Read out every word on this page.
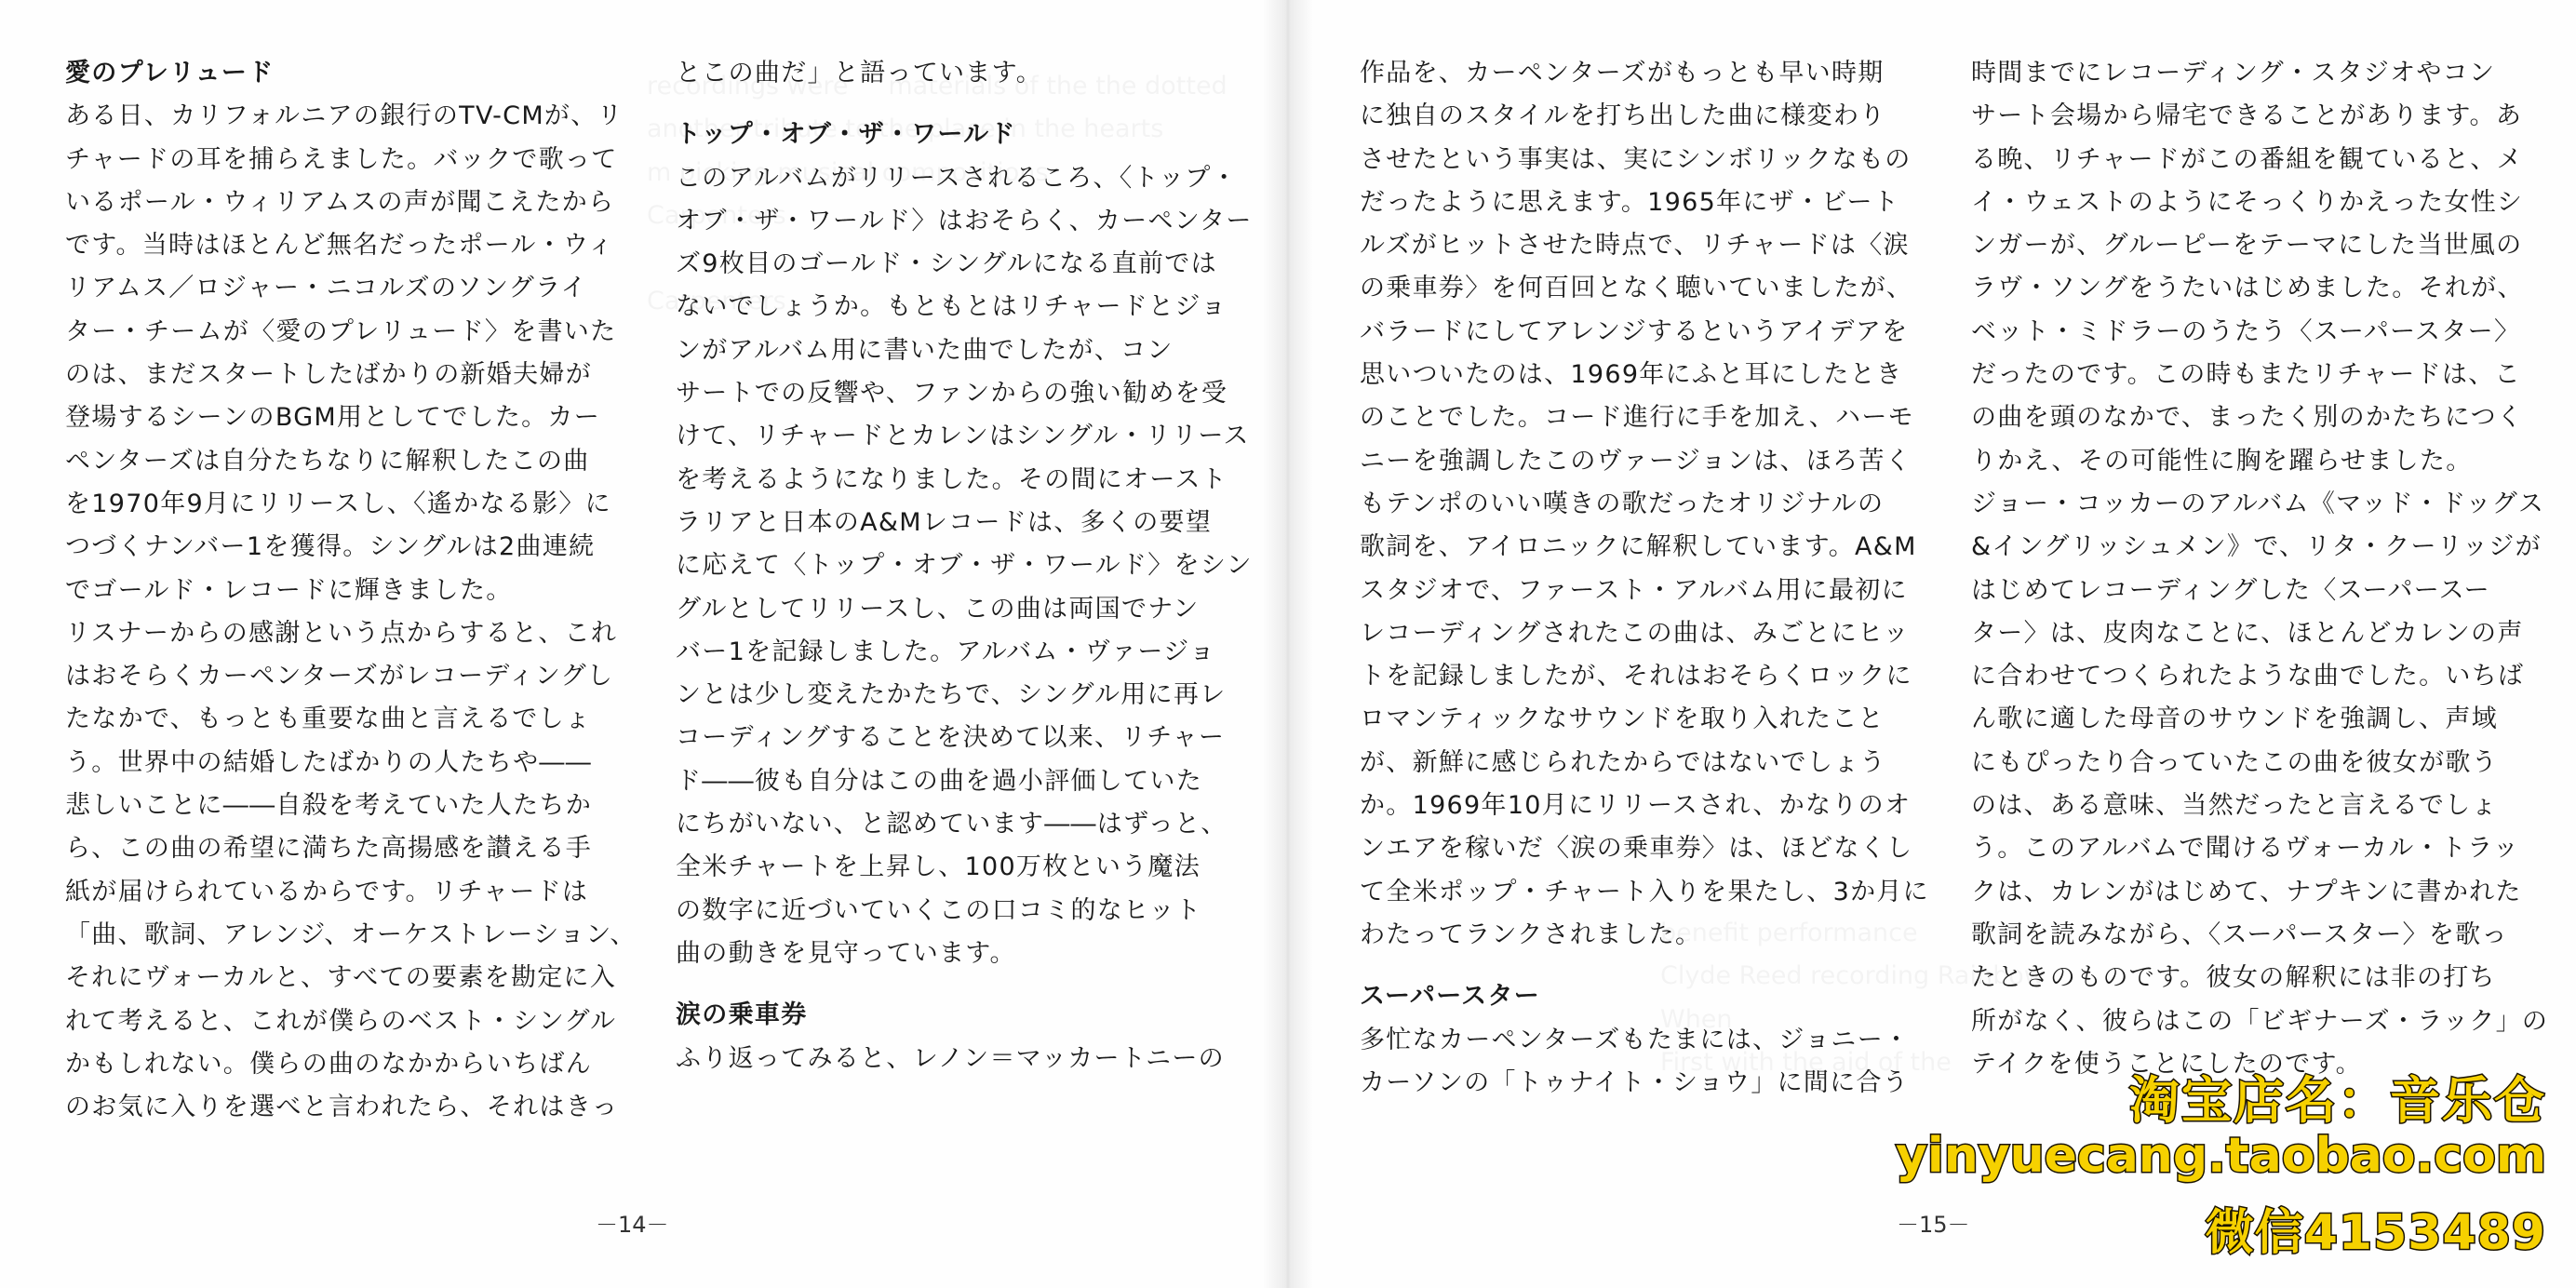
愛のプレリュード

ある日、カリフォルニアの銀行のTV-CMが、リ

チャードの耳を捕らえました。バックで歌って

いるポール・ウィリアムスの声が聞こえたから

です。当時はほとんど無名だったポール・ウィ

リアムス／ロジャー・ニコルズのソングライ

ター・チームが〈愛のプレリュード〉を書いた

のは、まだスタートしたばかりの新婚夫婦が

登場するシーンのBGM用としてでした。カー

ペンターズは自分たちなりに解釈したこの曲

を1970年9月にリリースし、〈遙かなる影〉に

つづくナンバー1を獲得。シングルは2曲連続

でゴールド・レコードに輝きました。

リスナーからの感謝という点からすると、これ

はおそらくカーペンターズがレコーディングし

たなかで、もっとも重要な曲と言えるでしょ

う。世界中の結婚したばかりの人たちや――

悲しいことに――自殺を考えていた人たちか

ら、この曲の希望に満ちた高揚感を讃える手

紙が届けられているからです。リチャードは

「曲、歌詞、アレンジ、オーケストレーション、

それにヴォーカルと、すべての要素を勘定に入

れて考えると、これが僕らのベスト・シングル

かもしれない。僕らの曲のなかからいちばん

のお気に入りを選べと言われたら、それはきっ

とこの曲だ」と語っています。

トップ・オブ・ザ・ワールド

このアルバムがリリースされるころ、〈トップ・

オブ・ザ・ワールド〉はおそらく、カーペンター

ズ9枚目のゴールド・シングルになる直前では

ないでしょうか。もともとはリチャードとジョ

ンがアルバム用に書いた曲でしたが、コン

サートでの反響や、ファンからの強い勧めを受

けて、リチャードとカレンはシングル・リリース

を考えるようになりました。その間にオースト

ラリアと日本のA&Mレコードは、多くの要望

に応えて〈トップ・オブ・ザ・ワールド〉をシン

グルとしてリリースし、この曲は両国でナン

バー1を記録しました。アルバム・ヴァージョ

ンとは少し変えたかたちで、シングル用に再レ

コーディングすることを決めて以来、リチャー

ド――彼も自分はこの曲を過小評価していた

にちがいない、と認めています――はずっと、

全米チャートを上昇し、100万枚という魔法

の数字に近づいていくこの口コミ的なヒット

曲の動きを見守っています。

涙の乗車券

ふり返ってみると、レノン＝マッカートニーの

作品を、カーペンターズがもっとも早い時期

に独自のスタイルを打ち出した曲に様変わり

させたという事実は、実にシンボリックなもの

だったように思えます。1965年にザ・ビート

ルズがヒットさせた時点で、リチャードは〈涙

の乗車券〉を何百回となく聴いていましたが、

バラードにしてアレンジするというアイデアを

思いついたのは、1969年にふと耳にしたとき

のことでした。コード進行に手を加え、ハーモ

ニーを強調したこのヴァージョンは、ほろ苦く

もテンポのいい嘆きの歌だったオリジナルの

歌詞を、アイロニックに解釈しています。A&M

スタジオで、ファースト・アルバム用に最初に

レコーディングされたこの曲は、みごとにヒッ

トを記録しましたが、それはおそらくロックに

ロマンティックなサウンドを取り入れたこと

が、新鮮に感じられたからではないでしょう

か。1969年10月にリリースされ、かなりのオ

ンエアを稼いだ〈涙の乗車券〉は、ほどなくし

て全米ポップ・チャート入りを果たし、3か月に

わたってランクされました。

スーパースター

多忙なカーペンターズもたまには、ジョニー・

カーソンの「トゥナイト・ショウ」に間に合う

時間までにレコーディング・スタジオやコン

サート会場から帰宅できることがあります。あ

る晩、リチャードがこの番組を観ていると、メ

イ・ウェストのようにそっくりかえった女性シ

ンガーが、グルーピーをテーマにした当世風の

ラヴ・ソングをうたいはじめました。それが、

ベット・ミドラーのうたう〈スーパースター〉

だったのです。この時もまたリチャードは、こ

の曲を頭のなかで、まったく別のかたちにつく

りかえ、その可能性に胸を躍らせました。

ジョー・コッカーのアルバム《マッド・ドッグス

&イングリッシュメン》で、リタ・クーリッジが

はじめてレコーディングした〈スーパースー

ター〉は、皮肉なことに、ほとんどカレンの声

に合わせてつくられたような曲でした。いちば

ん歌に適した母音のサウンドを強調し、声域

にもぴったり合っていたこの曲を彼女が歌う

のは、ある意味、当然だったと言えるでしょ

う。このアルバムで聞けるヴォーカル・トラッ

クは、カレンがはじめて、ナプキンに書かれた

歌詞を読みながら、〈スーパースター〉を歌っ

たときのものです。彼女の解釈には非の打ち

所がなく、彼らはこの「ビギナーズ・ラック」の

テイクを使うことにしたのです。

－14－	－15－
淘宝店名：音乐仓
yinyuecang.taobao.com
微信4153489
